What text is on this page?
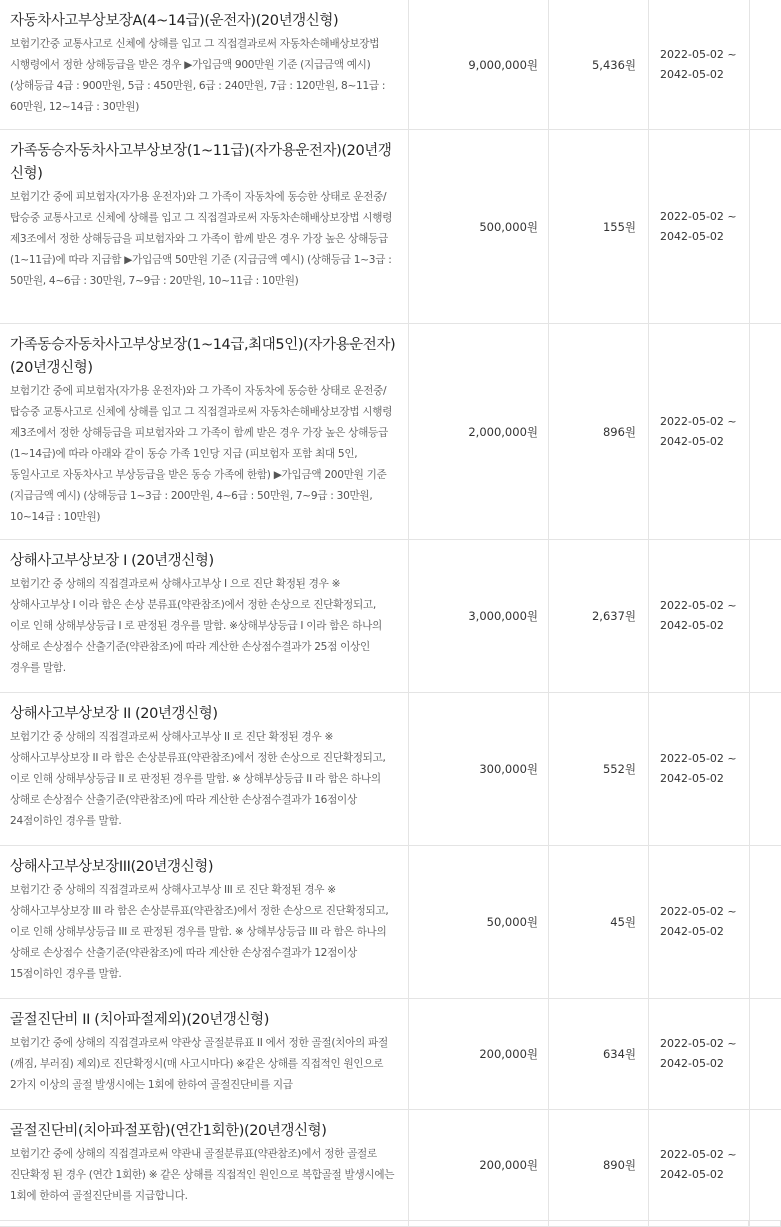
자동차사고부상보장A(4~14급)(운전자)(20년갱신형)

보험기간중 교통사고로 신체에 상해를 입고 그 직접결과로써 자동차손해배상보장법 시행령에서 정한 상해등급을 받은 경우 ▶가입금액 900만원 기준 (지급금액 예시) (상해등급 4급 : 900만원, 5급 : 450만원, 6급 : 240만원, 7급 : 120만원, 8~11급 : 60만원, 12~14급 : 30만원)

9,000,000원	5,436원
2022-05-02 ~
2042-05-02

가족동승자동차사고부상보장(1~11급)(자가용운전자)(20년갱신형)

보험기간 중에 피보험자(자가용 운전자)와 그 가족이 자동차에 동승한 상태로 운전중/탑승중 교통사고로 신체에 상해를 입고 그 직접결과로써 자동차손해배상보장법 시행령 제3조에서 정한 상해등급을 피보험자와 그 가족이 함께 받은 경우 가장 높은 상해등급(1~11급)에 따라 지급함 ▶가입금액 50만원 기준 (지급금액 예시) (상해등급 1~3급 : 50만원, 4~6급 : 30만원, 7~9급 : 20만원, 10~11급 : 10만원)

500,000원	155원
2022-05-02 ~
2042-05-02

가족동승자동차사고부상보장(1~14급,최대5인)(자가용운전자)(20년갱신형)

보험기간 중에 피보험자(자가용 운전자)와 그 가족이 자동차에 동승한 상태로 운전중/탑승중 교통사고로 신체에 상해를 입고 그 직접결과로써 자동차손해배상보장법 시행령 제3조에서 정한 상해등급을 피보험자와 그 가족이 함께 받은 경우 가장 높은 상해등급(1~14급)에 따라 아래와 같이 동승 가족 1인당 지급 (피보험자 포함 최대 5인, 동일사고로 자동차사고 부상등급을 받은 동승 가족에 한함) ▶가입금액 200만원 기준 (지급금액 예시) (상해등급 1~3급 : 200만원, 4~6급 : 50만원, 7~9급 : 30만원, 10~14급 : 10만원)

2,000,000원	896원
2022-05-02 ~
2042-05-02

상해사고부상보장 I (20년갱신형)

보험기간 중 상해의 직접결과로써 상해사고부상 I 으로 진단 확정된 경우 ※상해사고부상 I 이라 함은 손상 분류표(약관참조)에서 정한 손상으로 진단확정되고, 이로 인해 상해부상등급 I 로 판정된 경우를 말함. ※상해부상등급 I 이라 함은 하나의 상해로 손상점수 산출기준(약관참조)에 따라 계산한 손상점수결과가 25점 이상인 경우를 말함.

3,000,000원	2,637원
2022-05-02 ~
2042-05-02

상해사고부상보장 II (20년갱신형)

보험기간 중 상해의 직접결과로써 상해사고부상 II 로 진단 확정된 경우 ※ 상해사고부상보장 II 라 함은 손상분류표(약관참조)에서 정한 손상으로 진단확정되고, 이로 인해 상해부상등급 II 로 판정된 경우를 말함. ※ 상해부상등급 II 라 함은 하나의 상해로 손상점수 산출기준(약관참조)에 따라 계산한 손상점수결과가 16점이상 24점이하인 경우를 말함.

300,000원	552원
2022-05-02 ~
2042-05-02

상해사고부상보장III(20년갱신형)

보험기간 중 상해의 직접결과로써 상해사고부상 III 로 진단 확정된 경우 ※ 상해사고부상보장 III 라 함은 손상분류표(약관참조)에서 정한 손상으로 진단확정되고, 이로 인해 상해부상등급 III 로 판정된 경우를 말함. ※ 상해부상등급 III 라 함은 하나의 상해로 손상점수 산출기준(약관참조)에 따라 계산한 손상점수결과가 12점이상 15점이하인 경우를 말함.

50,000원	45원
2022-05-02 ~
2042-05-02

골절진단비 II (치아파절제외)(20년갱신형)

보험기간 중에 상해의 직접결과로써 약관상 골절분류표 II 에서 정한 골절(치아의 파절(깨짐, 부러짐) 제외)로 진단확정시(매 사고시마다) ※같은 상해를 직접적인 원인으로 2가지 이상의 골절 발생시에는 1회에 한하여 골절진단비를 지급

200,000원	634원
2022-05-02 ~
2042-05-02

골절진단비(치아파절포함)(연간1회한)(20년갱신형)

보험기간 중에 상해의 직접결과로써 약관내 골절분류표(약관참조)에서 정한 골절로 진단확정 된 경우 (연간 1회한) ※ 같은 상해를 직접적인 원인으로 복합골절 발생시에는 1회에 한하여 골절진단비를 지급합니다.

200,000원	890원
2022-05-02 ~
2042-05-02
